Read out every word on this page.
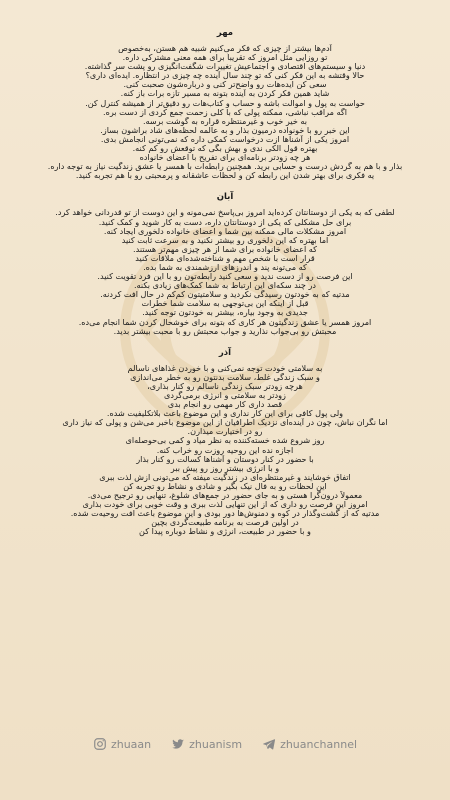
مهر

آدم‌ها بیشتر از چیزی که فکر می‌کنیم شبیه هم هستن، به‌خصوص

تو روزایی مثل امروز که تقریباً برای همه معنی مشترکی داره.

دنیا و سیستم‌های اقتصادی و اجتماعیش تغییرات شگفت‌انگیزی رو پشت سر گذاشته.

حالا وقتشه به این فکر کنی که تو چند سال آینده چه چیزی در انتظاره. ایده‌ای داری؟

سعی کن ایده‌هات رو واضح‌تر کنی و درباره‌شون صحبت کنی.

شاید همین فکر کردن به آینده بتونه به مسیر تازه برات باز کنه.

حواست به پول و اموالت باشه و حساب و کتاب‌هات رو دقیق‌تر از همیشه کنترل کن.

اگه مراقب نباشی، ممکنه پولی که با کلی زحمت جمع کردی از دست بره.

به خیر خوب و غیرمنتظره قراره به گوشت برسه.

این خبر رو با خونواده درمیون بذار و به عالمه لحظه‌های شاد براشون بساز.

امروز یکی از آشناها ازت درخواست کمکی داره که نمی‌تونی انجامش بدی.

بهتره قول الکی ندی و بهش بگی که توقعش رو کم کنه.

هر چه زودتر برنامه‌ای برای تفریح با اعضای خانواده

بذار و با هم به گردش درست و حسابی برید. همچنین رابطه‌ات با همسر یا عشق زندگیت نیاز به توجه داره.

یه فکری برای بهتر شدن این رابطه کن و لحظات عاشقانه و پرمحبتی رو با هم تجربه کنید.

آبان

لطفی که به یکی از دوستانتان کرده‌اید امروز بی‌پاسخ نمی‌مونه و این دوست از تو قدردانی خواهد کرد.

برای حل مشکلی که یکی از دوستانتان داره، دست به کار شوید و کمک کنید.

امروز مشکلات مالی ممکنه بین شما و اعضای خانواده دلخوری ایجاد کنه.

اما بهتره که این دلخوری رو بیشتر نکنید و به سرعت ثابت کنید

که اعضای خانواده برای شما از هر چیزی مهم‌تر هستند.

قرار است با شخص مهم و شناخته‌شده‌ای ملاقات کنید

که می‌تونه پند و اندرزهای ارزشمندی به شما بده.

این فرصت رو از دست ندید و سعی کنید رابطه‌تون رو با این فرد تقویت کنید.

در چند سکه‌ای این ارتباط به شما کمک‌های زیادی بکنه.

مدتیه که به خودتون رسیدگی نکردید و سلامتیتون کم‌کم در حال افت کردنه.

قبل از اینکه این بی‌توجهی به سلامت شما خطرات

جدیدی به وجود بیاره، بیشتر به خودتون توجه کنید.

امروز همسر یا عشق زندگیتون هر کاری که بتونه برای خوشحال کردن شما انجام می‌ده.

محبتش رو بی‌جواب نذارید و جواب محبتش رو با محبت بیشتر بدید.

آذر

به سلامتی خودت توجه نمی‌کنی و با خوردن غذاهای ناسالم

و سبک زندگی غلط، سلامت بدنتون رو به خطر می‌اندازی

هرچه زودتر سبک زندگی ناسالم رو کنار بذاری،

زودتر به سلامتی و انرژی برمی‌گردی

قصد داری کار مهمی رو انجام بدی

ولی پول کافی برای این کار نداری و این موضوع باعث بلاتکلیفیت شده.

اما نگران نباش، چون در آینده‌ای نزدیک اطرافیان از این موضوع باخبر می‌شن و پولی که نیاز داری

رو در اختیارت میذارن.

روز شروع شده خسته‌کننده به نظر میاد و کمی بی‌حوصله‌ای

اجازه نده این روحیه روزت رو خراب کنه.

با حضور در کنار دوستان و آشناها کسالت رو کنار بذار

و با انرژی بیشتر روز رو پیش ببر

اتفاق خوشایند و غیرمنتظره‌ای در زندگیت میفته که می‌تونی ازش لذت ببری

این لحظات رو به فال نیک بگیر و شادی و نشاط رو تجربه کن

معمولاً درون‌گرا هستی و به جای حضور در جمع‌های شلوغ، تنهایی رو ترجیح می‌دی.

امروز این فرصت رو داری که از این تنهایی لذت ببری و وقت خوبی برای خودت بذاری

مدتیه که از گشت‌وگذار در کوه و دمنوش‌ها دور بودی و این موضوع باعث افت روحیه‌ت شده.

در اولین فرصت به برنامه طبیعت‌گردی بچین

و با حضور در طبیعت، انرژی و نشاط دوباره پیدا کن

zhuaan	zhuanism	zhuanchannel
